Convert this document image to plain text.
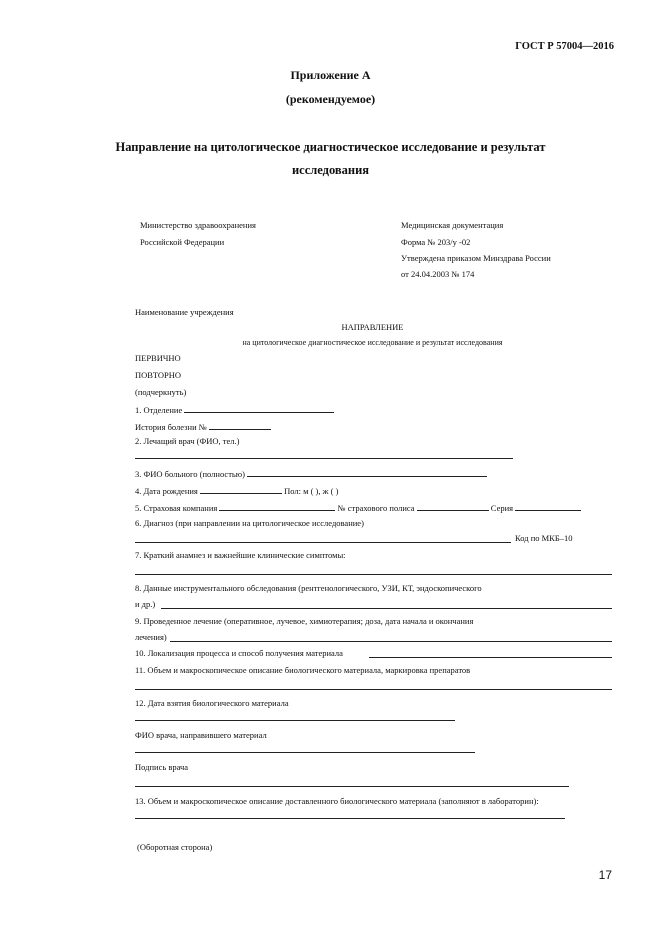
ГОСТ Р 57004—2016
Приложение А
(рекомендуемое)
Направление на цитологическое диагностическое исследование и результат
исследования
Министерство здравоохранения
Российской Федерации
Медицинская документация
Форма № 203/у -02
Утверждена приказом Минздрава России
от 24.04.2003 № 174
Наименование учреждения
НАПРАВЛЕНИЕ
на цитологическое диагностическое исследование и результат исследования
ПЕРВИЧНО
ПОВТОРНО
(подчеркнуть)
1. Отделение
История болезни №
2. Лечащий врач (ФИО, тел.)
3. ФИО больного (полностью)
4. Дата рождения	Пол: м ( ), ж ( )
5. Страховая компания	№ страхового полиса	Серия
6. Диагноз (при направлении на цитологическое исследование)
Код по МКБ–10
7. Краткий анамнез и важнейшие клинические симптомы:
8. Данные инструментального обследования (рентгенологического, УЗИ, КТ, эндоскопического
и др.)
9. Проведенное лечение (оперативное, лучевое, химиотерапия; доза, дата начала и окончания
лечения)
10. Локализация процесса и способ получения материала
11. Объем и макроскопическое описание биологического материала, маркировка препаратов
12. Дата взятия биологического материала
ФИО врача, направившего материал
Подпись врача
13. Объем и макроскопическое описание доставленного биологического материала (заполняют в лабораторин):
(Оборотная сторона)
17
